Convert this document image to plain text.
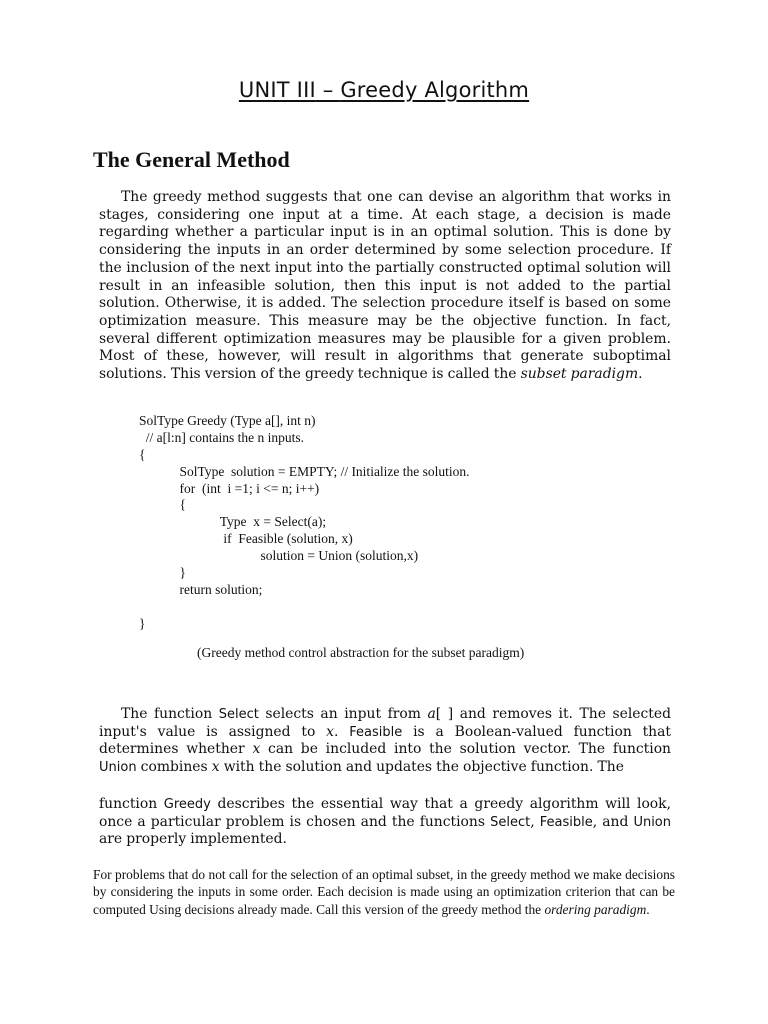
UNIT III – Greedy Algorithm
The General Method

The greedy method suggests that one can devise an algorithm that works in stages, considering one input at a time. At each stage, a decision is made regarding whether a particular input is in an optimal solution. This is done by considering the inputs in an order determined by some selection procedure. If the inclusion of the next input into the partially constructed optimal solution will result in an infeasible solution, then this input is not added to the partial solution. Otherwise, it is added. The selection procedure itself is based on some optimization measure. This measure may be the objective function. In fact, several different optimization measures may be plausible for a given problem. Most of these, however, will result in algorithms that generate suboptimal solutions. This version of the greedy technique is called the subset paradigm.

SolType Greedy (Type a[], int n)
// a[l:n] contains the n inputs.
{
SolType  solution = EMPTY; // Initialize the solution.
for  (int  i =1; i <= n; i++)
{
Type  x = Select(a);
if  Feasible (solution, x)
solution = Union (solution,x)
}
return solution;
}
(Greedy method control abstraction for the subset paradigm)

The function Select selects an input from a[ ] and removes it. The selected input's value is assigned to x. Feasible is a Boolean-valued function that determines whether x can be included into the solution vector. The function Union combines x with the solution and updates the objective function. The

function Greedy describes the essential way that a greedy algorithm will look, once a particular problem is chosen and the functions Select, Feasible, and Union are properly implemented.

For problems that do not call for the selection of an optimal subset, in the greedy method we make decisions by considering the inputs in some order. Each decision is made using an optimization criterion that can be computed Using decisions already made. Call this version of the greedy method the ordering paradigm.
